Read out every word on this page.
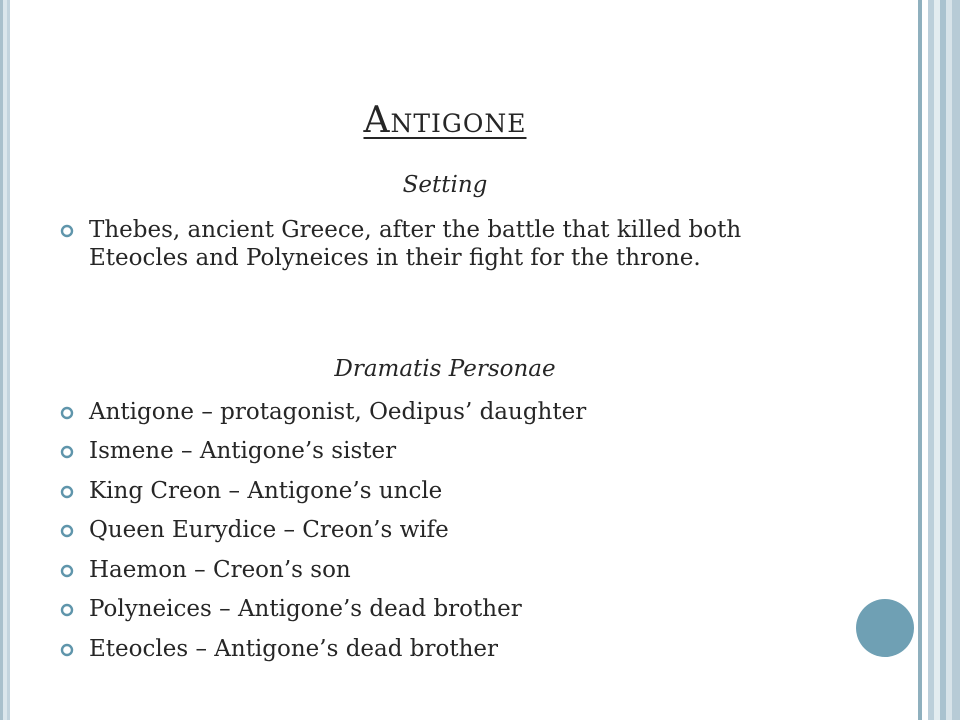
Antigone
Setting
Thebes, ancient Greece, after the battle that killed both Eteocles and Polyneices in their fight for the throne.
Dramatis Personae
Antigone – protagonist, Oedipus’ daughter
Ismene – Antigone’s sister
King Creon – Antigone’s uncle
Queen Eurydice – Creon’s wife
Haemon – Creon’s son
Polyneices – Antigone’s dead brother
Eteocles – Antigone’s dead brother
